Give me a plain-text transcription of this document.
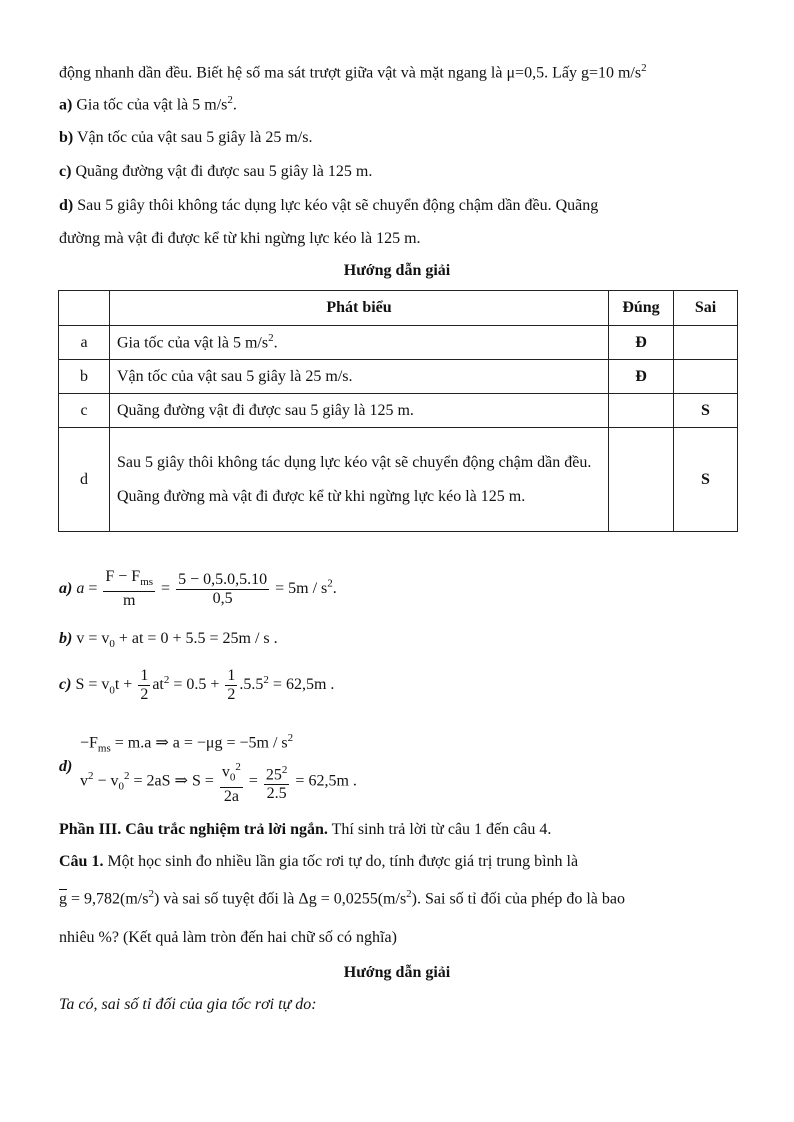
động nhanh dần đều. Biết hệ số ma sát trượt giữa vật và mặt ngang là μ=0,5. Lấy g=10 $m/s^2$
a) Gia tốc của vật là 5 $m/s^2$.
b) Vận tốc của vật sau 5 giây là 25 m/s.
c) Quãng đường vật đi được sau 5 giây là 125 m.
d) Sau 5 giây thôi không tác dụng lực kéo vật sẽ chuyển động chậm dần đều. Quãng
đường mà vật đi được kể từ khi ngừng lực kéo là 125 m.
Hướng dẫn giải
	Phát biểu	Đúng	Sai
a	Gia tốc của vật là 5 $m/s^2$.	Đ	
b	Vận tốc của vật sau 5 giây là 25 m/s.	Đ	
c	Quãng đường vật đi được sau 5 giây là 125 m.		S
d	Sau 5 giây thôi không tác dụng lực kéo vật sẽ chuyển động chậm dần đều. Quãng đường mà vật đi được kể từ khi ngừng lực kéo là 125 m.		S
a) $a = \frac{F - F_{ms}}{m} = \frac{5 - 0,5.0,5.10}{0,5} = 5m / s^2$.
b) $v = v_0$ + at = 0 + 5.5 = 25m / s .
c) $S = v_0t + \frac{1}{2} at^2 = 0.5 + \frac{1}{2} .5.5^2 = 62,5m$ .
$-F_{ms} = m.a$ ⇒ $a = -\mu g = -5m / s^2$
d)
$v^2 - v_0^2 = 2aS$ ⇒ $S = \frac{v_0^2}{2a} = \frac{25^2}{2.5} = 62,5m$ .
Phần III. Câu trắc nghiệm trả lời ngắn. Thí sinh trả lời từ câu 1 đến câu 4.
Câu 1. Một học sinh đo nhiều lần gia tốc rơi tự do, tính được giá trị trung bình là
$\overline{g} = 9,782(m/s^2)$ và sai số tuyệt đối là $\Delta g = 0,0255(m/s^2)$. Sai số tỉ đối của phép đo là bao
nhiêu %? (Kết quả làm tròn đến hai chữ số có nghĩa)
Hướng dẫn giải
Ta có, sai số tỉ đối của gia tốc rơi tự do:
